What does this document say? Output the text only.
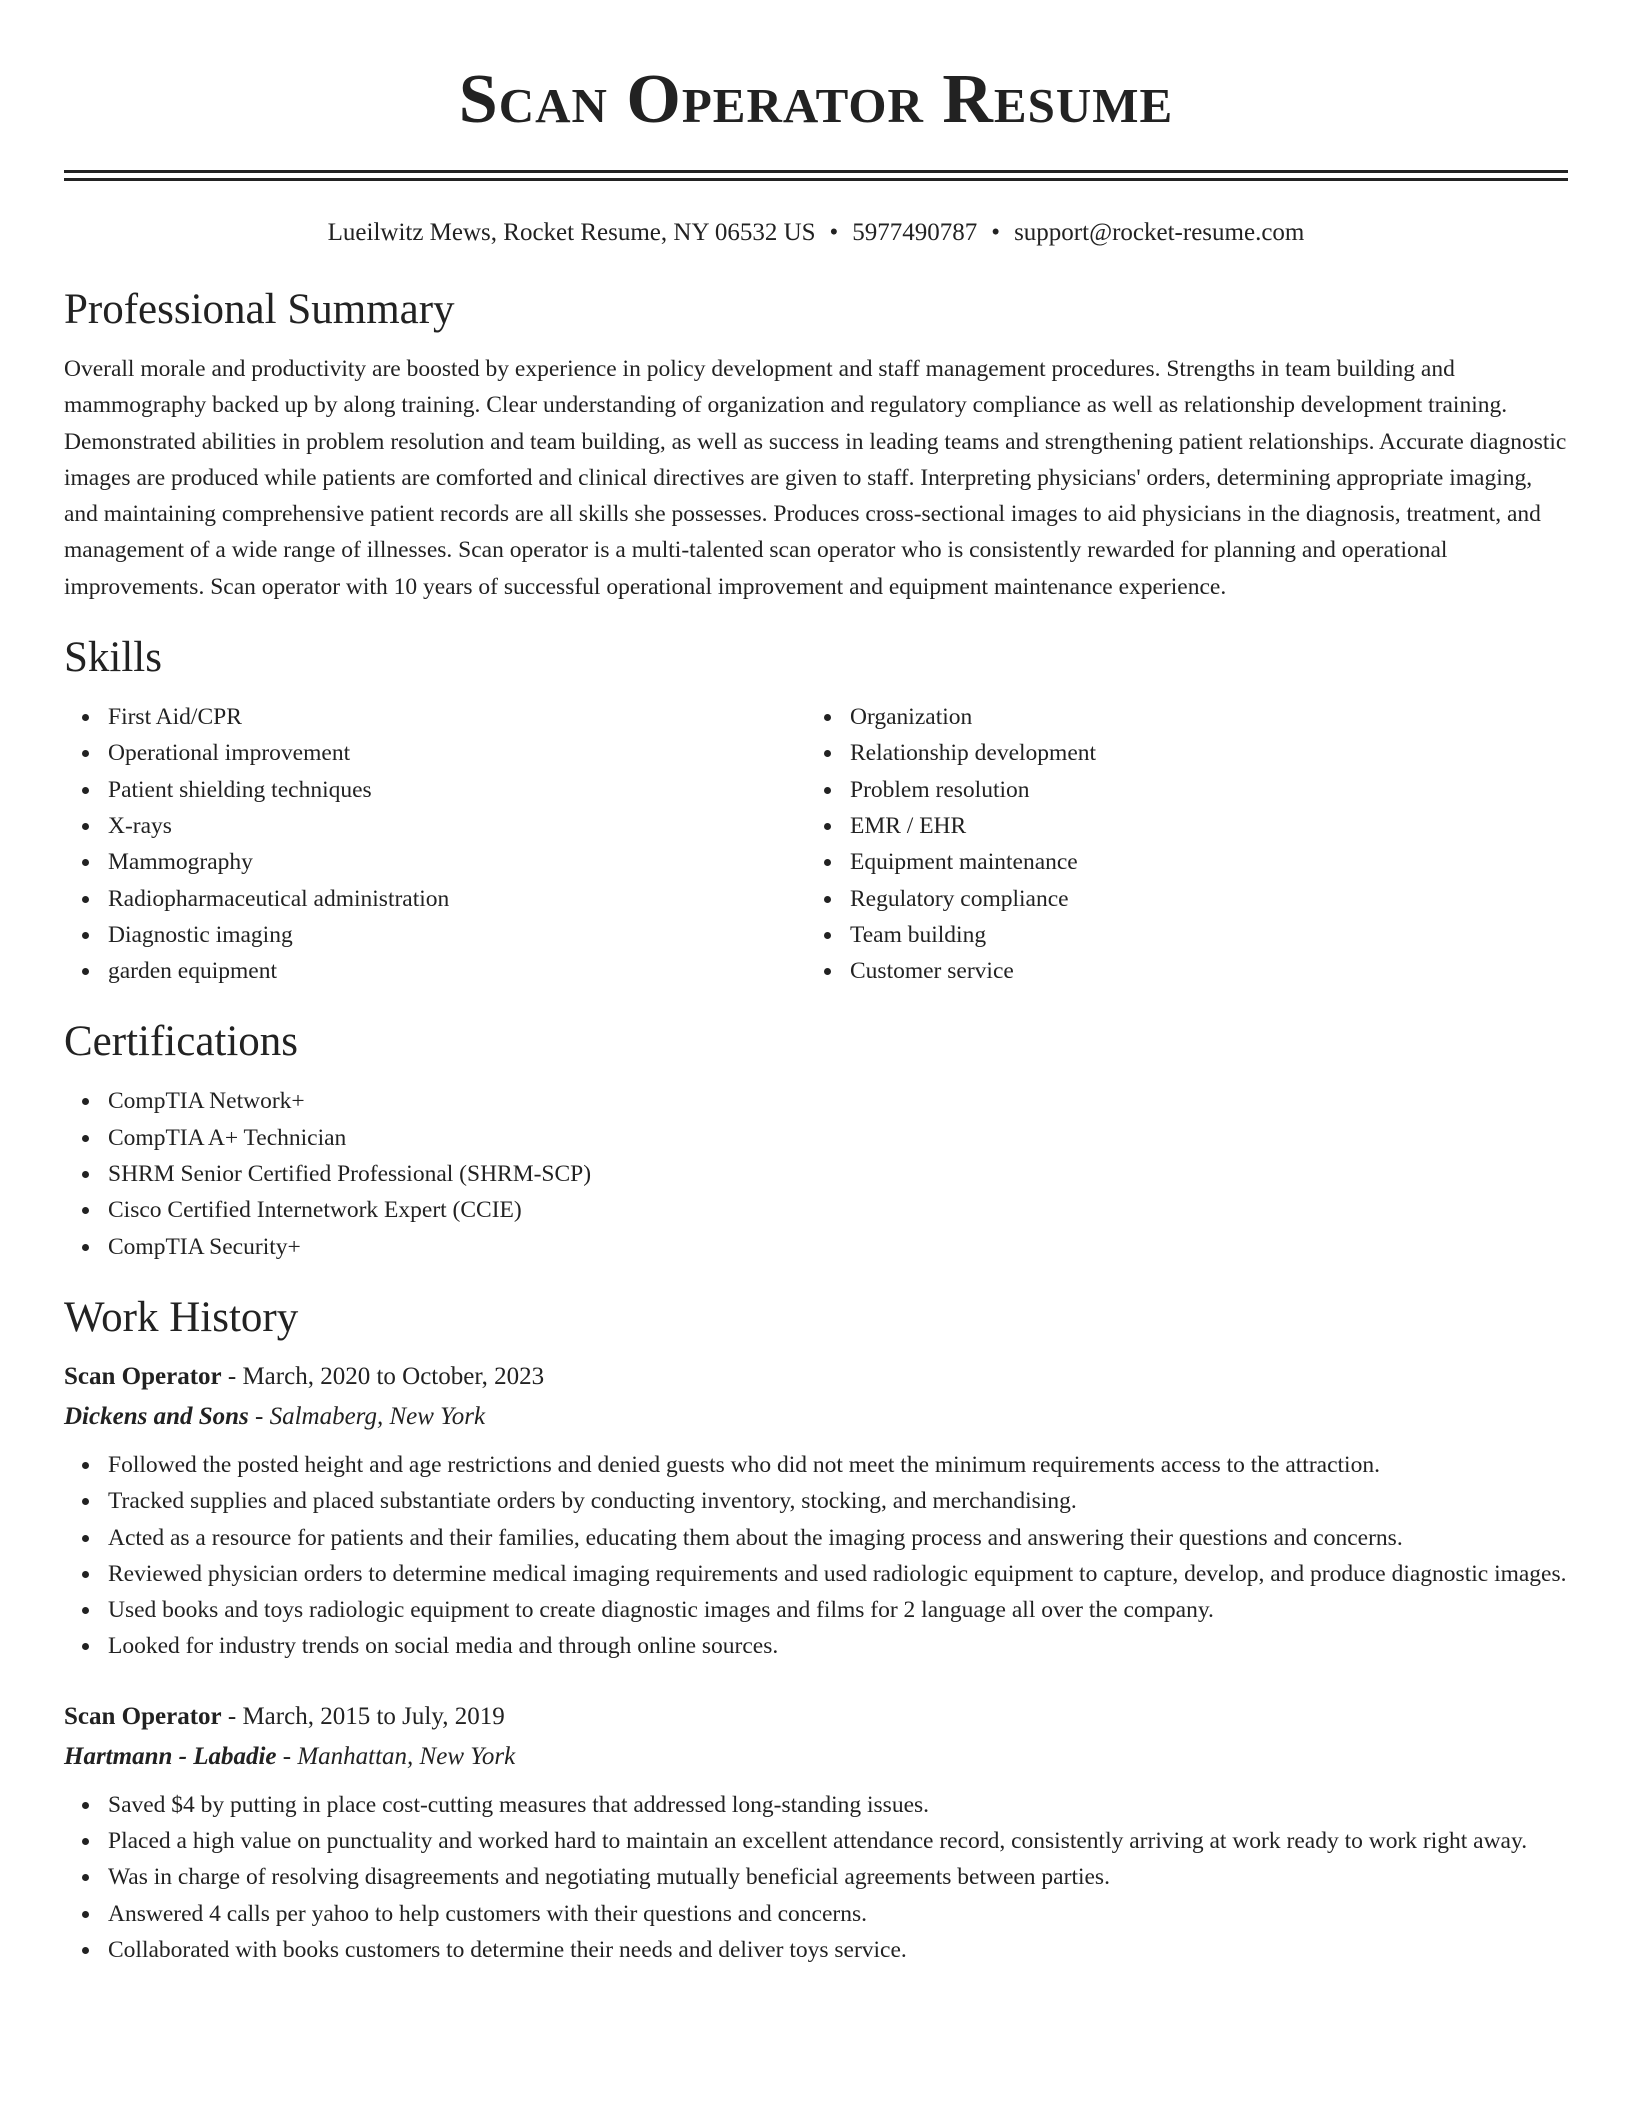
Scan Operator Resume
Lueilwitz Mews, Rocket Resume, NY 06532 US • 5977490787 • support@rocket-resume.com
Professional Summary

Overall morale and productivity are boosted by experience in policy development and staff management procedures. Strengths in team building and mammography backed up by along training. Clear understanding of organization and regulatory compliance as well as relationship development training. Demonstrated abilities in problem resolution and team building, as well as success in leading teams and strengthening patient relationships. Accurate diagnostic images are produced while patients are comforted and clinical directives are given to staff. Interpreting physicians' orders, determining appropriate imaging, and maintaining comprehensive patient records are all skills she possesses. Produces cross-sectional images to aid physicians in the diagnosis, treatment, and management of a wide range of illnesses. Scan operator is a multi-talented scan operator who is consistently rewarded for planning and operational improvements. Scan operator with 10 years of successful operational improvement and equipment maintenance experience.

Skills
First Aid/CPR
Operational improvement
Patient shielding techniques
X-rays
Mammography
Radiopharmaceutical administration
Diagnostic imaging
garden equipment
Organization
Relationship development
Problem resolution
EMR / EHR
Equipment maintenance
Regulatory compliance
Team building
Customer service
Certifications
CompTIA Network+
CompTIA A+ Technician
SHRM Senior Certified Professional (SHRM-SCP)
Cisco Certified Internetwork Expert (CCIE)
CompTIA Security+
Work History
Scan Operator - March, 2020 to October, 2023
Dickens and Sons - Salmaberg, New York
Followed the posted height and age restrictions and denied guests who did not meet the minimum requirements access to the attraction.
Tracked supplies and placed substantiate orders by conducting inventory, stocking, and merchandising.
Acted as a resource for patients and their families, educating them about the imaging process and answering their questions and concerns.
Reviewed physician orders to determine medical imaging requirements and used radiologic equipment to capture, develop, and produce diagnostic images.
Used books and toys radiologic equipment to create diagnostic images and films for 2 language all over the company.
Looked for industry trends on social media and through online sources.
Scan Operator - March, 2015 to July, 2019
Hartmann - Labadie - Manhattan, New York
Saved $4 by putting in place cost-cutting measures that addressed long-standing issues.
Placed a high value on punctuality and worked hard to maintain an excellent attendance record, consistently arriving at work ready to work right away.
Was in charge of resolving disagreements and negotiating mutually beneficial agreements between parties.
Answered 4 calls per yahoo to help customers with their questions and concerns.
Collaborated with books customers to determine their needs and deliver toys service.
